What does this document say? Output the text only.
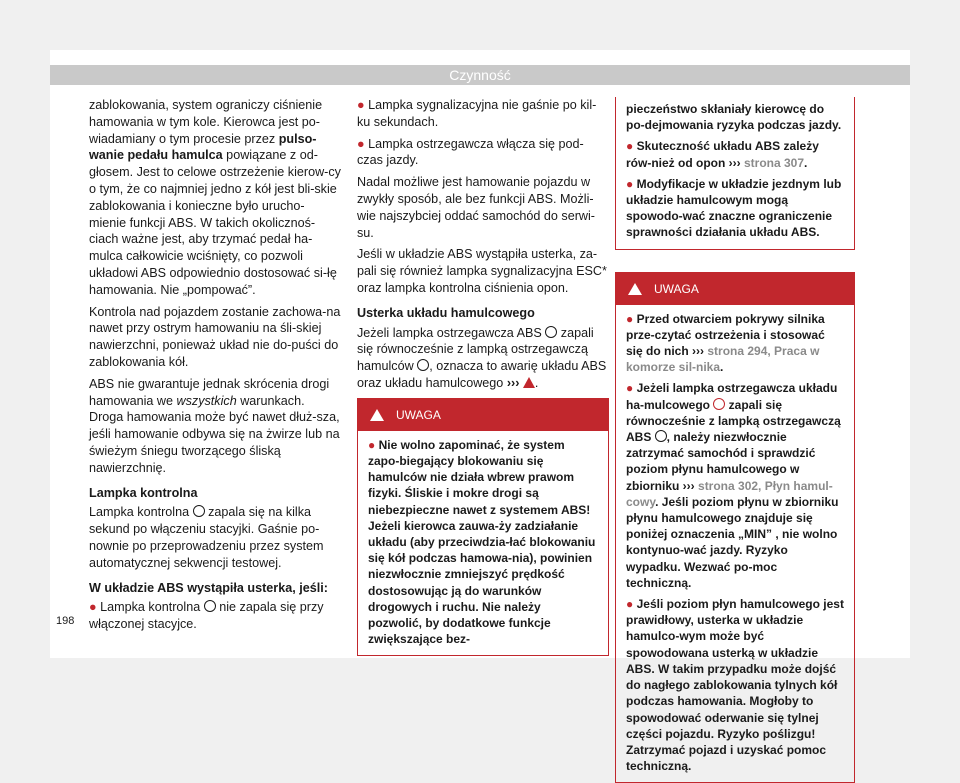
Czynność

zablokowania, system ograniczy ciśnienie hamowania w tym kole. Kierowca jest po-wiadamiany o tym procesie przez pulso-wanie pedału hamulca powiązane z od-głosem. Jest to celowe ostrzeżenie kierow-cy o tym, że co najmniej jedno z kół jest bli-skie zablokowania i konieczne było urucho-mienie funkcji ABS. W takich okolicznoś-ciach ważne jest, aby trzymać pedał ha-mulca całkowicie wciśnięty, co pozwoli układowi ABS odpowiednio dostosować si-łę hamowania. Nie „pompować”.

Kontrola nad pojazdem zostanie zachowa-na nawet przy ostrym hamowaniu na śli-skiej nawierzchni, ponieważ układ nie do-puści do zablokowania kół.

ABS nie gwarantuje jednak skrócenia drogi hamowania we wszystkich warunkach. Droga hamowania może być nawet dłuż-sza, jeśli hamowanie odbywa się na żwirze lub na świeżym śniegu tworzącego śliską nawierzchnię.

Lampka kontrolna

Lampka kontrolna  zapala się na kilka sekund po włączeniu stacyjki. Gaśnie po-nownie po przeprowadzeniu przez system automatycznej sekwencji testowej.

W układzie ABS wystąpiła usterka, jeśli:

● Lampka kontrolna  nie zapala się przy włączonej stacyjce.

● Lampka sygnalizacyjna nie gaśnie po kil-ku sekundach.

● Lampka ostrzegawcza włącza się pod-czas jazdy.

Nadal możliwe jest hamowanie pojazdu w zwykły sposób, ale bez funkcji ABS. Możli-wie najszybciej oddać samochód do serwi-su.

Jeśli w układzie ABS wystąpiła usterka, za-pali się również lampka sygnalizacyjna ESC* oraz lampka kontrolna ciśnienia opon.

Usterka układu hamulcowego

Jeżeli lampka ostrzegawcza ABS  zapali się równocześnie z lampką ostrzegawczą hamulców , oznacza to awarię układu ABS oraz układu hamulcowego ››› .

UWAGA
● Nie wolno zapominać, że system zapo-biegający blokowaniu się hamulców nie działa wbrew prawom fizyki. Śliskie i mokre drogi są niebezpieczne nawet z systemem ABS! Jeżeli kierowca zauwa-ży zadziałanie układu (aby przeciwdzia-łać blokowaniu się kół podczas hamowa-nia), powinien niezwłocznie zmniejszyć prędkość dostosowując ją do warunków drogowych i ruchu. Nie należy pozwolić, by dodatkowe funkcje zwiększające bez-

pieczeństwo skłaniały kierowcę do po-dejmowania ryzyka podczas jazdy.

● Skuteczność układu ABS zależy rów-nież od opon ››› strona 307.

● Modyfikacje w układzie jezdnym lub układzie hamulcowym mogą spowodo-wać znaczne ograniczenie sprawności działania układu ABS.

UWAGA

● Przed otwarciem pokrywy silnika prze-czytać ostrzeżenia i stosować się do nich ››› strona 294, Praca w komorze sil-nika.

● Jeżeli lampka ostrzegawcza układu ha-mulcowego  zapali się równocześnie z lampką ostrzegawczą ABS , należy niezwłocznie zatrzymać samochód i sprawdzić poziom płynu hamulcowego w zbiorniku ››› strona 302, Płyn hamul-cowy. Jeśli poziom płynu w zbiorniku płynu hamulcowego znajduje się poniżej oznaczenia „MIN” , nie wolno kontynuo-wać jazdy. Ryzyko wypadku. Wezwać po-moc techniczną.

● Jeśli poziom płyn hamulcowego jest prawidłowy, usterka w układzie hamulco-wym może być spowodowana usterką w układzie ABS. W takim przypadku może dojść do nagłego zablokowania tylnych kół podczas hamowania. Mogłoby to spowodować oderwanie się tylnej części pojazdu. Ryzyko poślizgu! Zatrzymać pojazd i uzyskać pomoc techniczną.

198
